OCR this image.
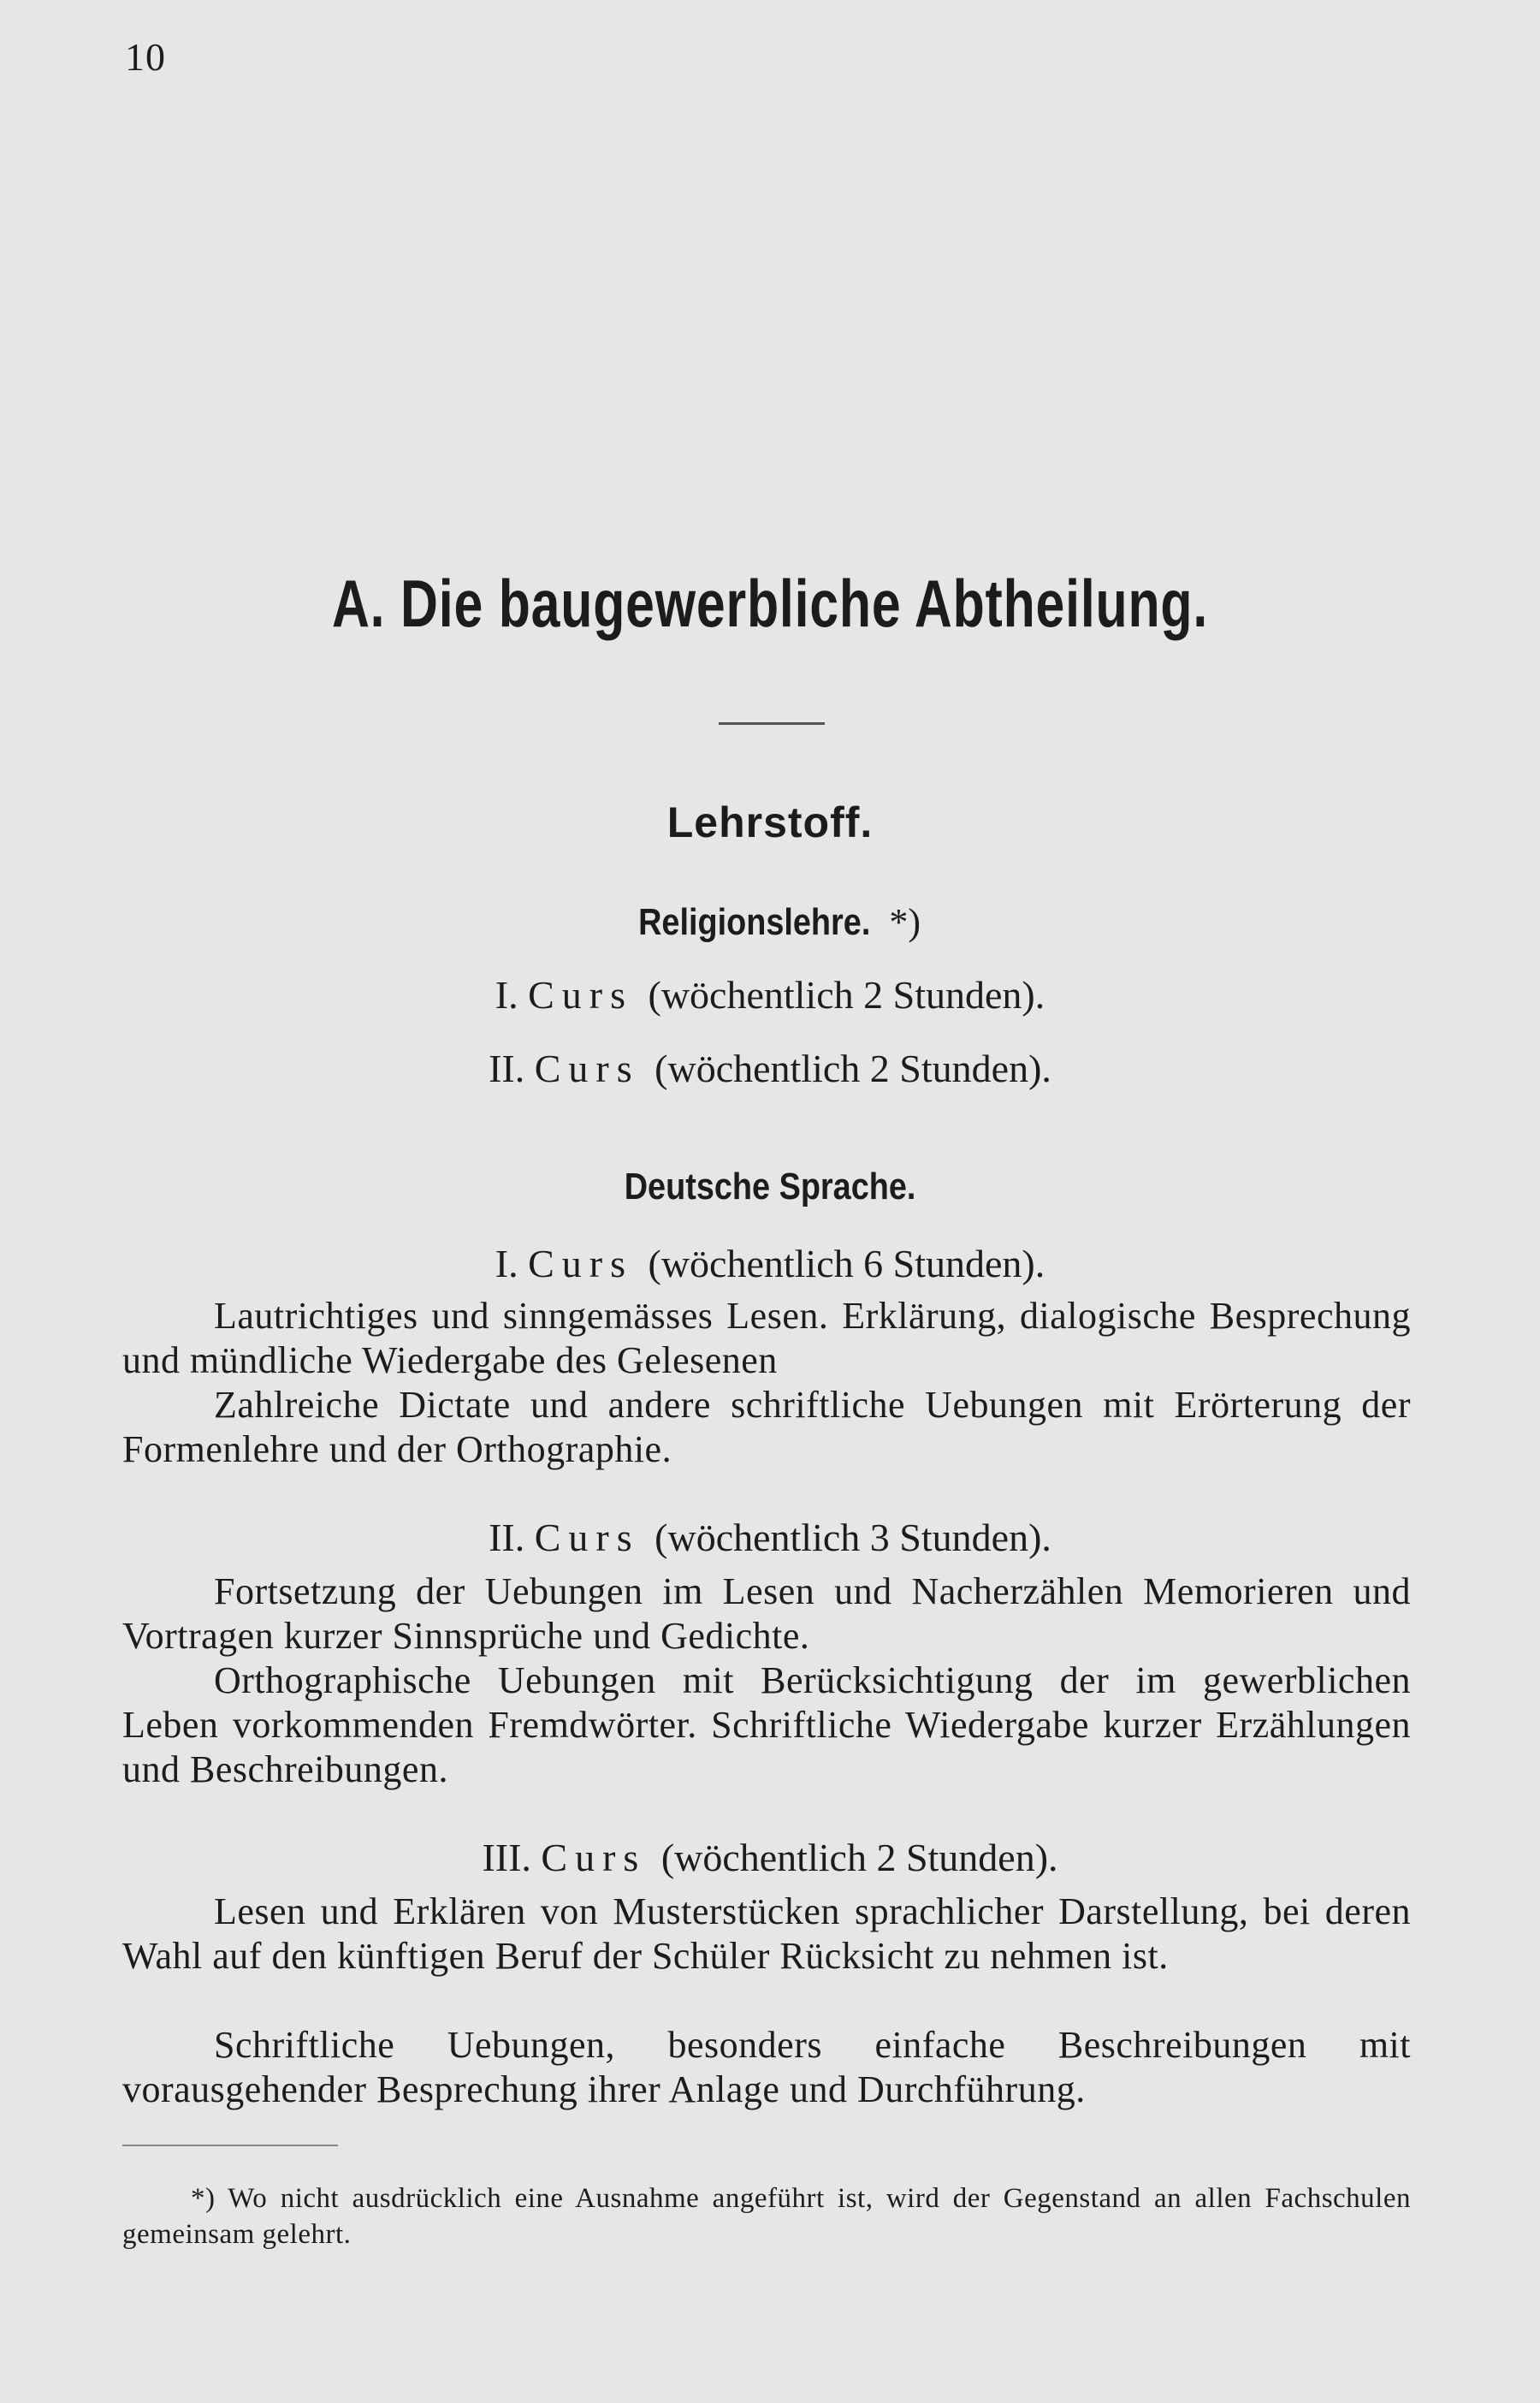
10
A. Die baugewerbliche Abtheilung.
Lehrstoff.
Religionslehre. *)
I. Curs (wöchentlich 2 Stunden).
II. Curs (wöchentlich 2 Stunden).
Deutsche Sprache.
I. Curs (wöchentlich 6 Stunden).
Lautrichtiges und sinngemässes Lesen. Erklärung, dialogische Besprechung und mündliche Wiedergabe des Gelesenen
Zahlreiche Dictate und andere schriftliche Uebungen mit Erörterung der Formenlehre und der Orthographie.
II. Curs (wöchentlich 3 Stunden).
Fortsetzung der Uebungen im Lesen und Nacherzählen Memorieren und Vortragen kurzer Sinnsprüche und Gedichte.
Orthographische Uebungen mit Berücksichtigung der im gewerblichen Leben vorkommenden Fremdwörter. Schriftliche Wiedergabe kurzer Erzählungen und Beschreibungen.
III. Curs (wöchentlich 2 Stunden).
Lesen und Erklären von Musterstücken sprachlicher Darstellung, bei deren Wahl auf den künftigen Beruf der Schüler Rücksicht zu nehmen ist.
Schriftliche Uebungen, besonders einfache Beschreibungen mit vorausgehender Besprechung ihrer Anlage und Durchführung.
*) Wo nicht ausdrücklich eine Ausnahme angeführt ist, wird der Gegenstand an allen Fachschulen gemeinsam gelehrt.
